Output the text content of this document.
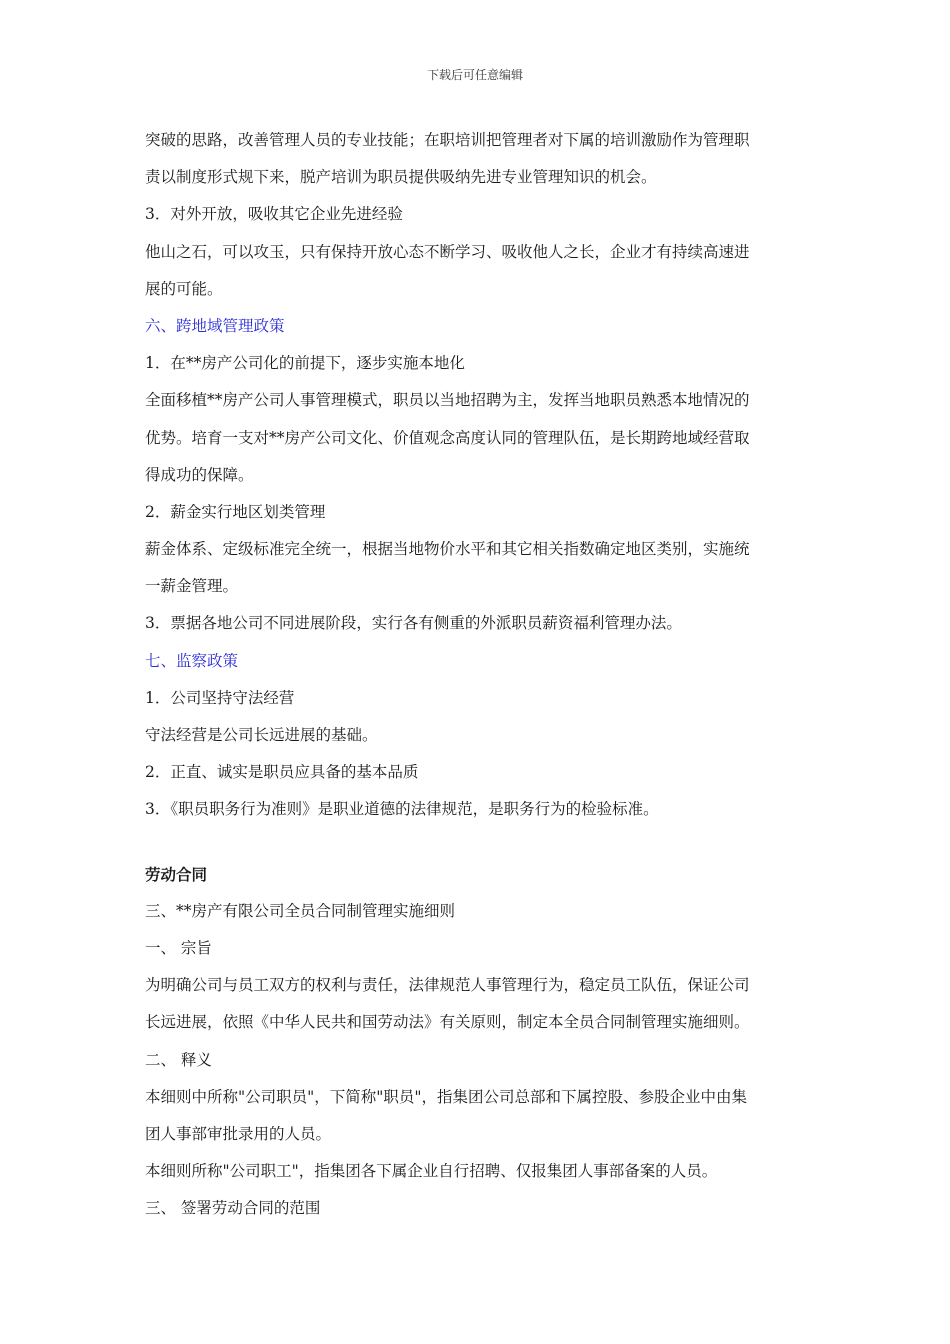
下载后可任意编辑
突破的思路，改善管理人员的专业技能；在职培训把管理者对下属的培训激励作为管理职
责以制度形式规下来，脱产培训为职员提供吸纳先进专业管理知识的机会。
3．对外开放，吸收其它企业先进经验
他山之石，可以攻玉，只有保持开放心态不断学习、吸收他人之长，企业才有持续高速进
展的可能。
六、跨地域管理政策
1．在**房产公司化的前提下，逐步实施本地化
全面移植**房产公司人事管理模式，职员以当地招聘为主，发挥当地职员熟悉本地情况的
优势。培育一支对**房产公司文化、价值观念高度认同的管理队伍，是长期跨地域经营取
得成功的保障。
2．薪金实行地区划类管理
薪金体系、定级标准完全统一，根据当地物价水平和其它相关指数确定地区类别，实施统
一薪金管理。
3．票据各地公司不同进展阶段，实行各有侧重的外派职员薪资福利管理办法。
七、监察政策
1．公司坚持守法经营
守法经营是公司长远进展的基础。
2．正直、诚实是职员应具备的基本品质
3．《职员职务行为准则》是职业道德的法律规范，是职务行为的检验标准。
劳动合同
三、**房产有限公司全员合同制管理实施细则
一、 宗旨
为明确公司与员工双方的权利与责任，法律规范人事管理行为，稳定员工队伍，保证公司
长远进展，依照《中华人民共和国劳动法》有关原则，制定本全员合同制管理实施细则。
二、 释义
本细则中所称"公司职员"，下简称"职员"，指集团公司总部和下属控股、参股企业中由集
团人事部审批录用的人员。
本细则所称"公司职工"，指集团各下属企业自行招聘、仅报集团人事部备案的人员。
三、 签署劳动合同的范围
